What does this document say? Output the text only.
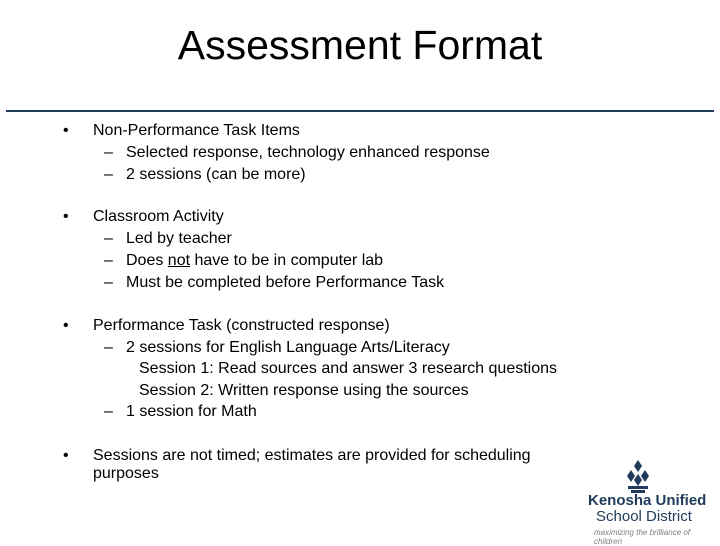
Assessment Format
• Non-Performance Task Items
– Selected response, technology enhanced response
– 2 sessions (can be more)
• Classroom Activity
– Led by teacher
– Does not have to be in computer lab
– Must be completed before Performance Task
• Performance Task (constructed response)
– 2 sessions for English Language Arts/Literacy
Session 1: Read sources and answer 3 research questions
Session 2: Written response using the sources
– 1 session for Math
• Sessions are not timed; estimates are provided for scheduling
purposes
Kenosha Unified
School District
maximizing the brilliance of children
